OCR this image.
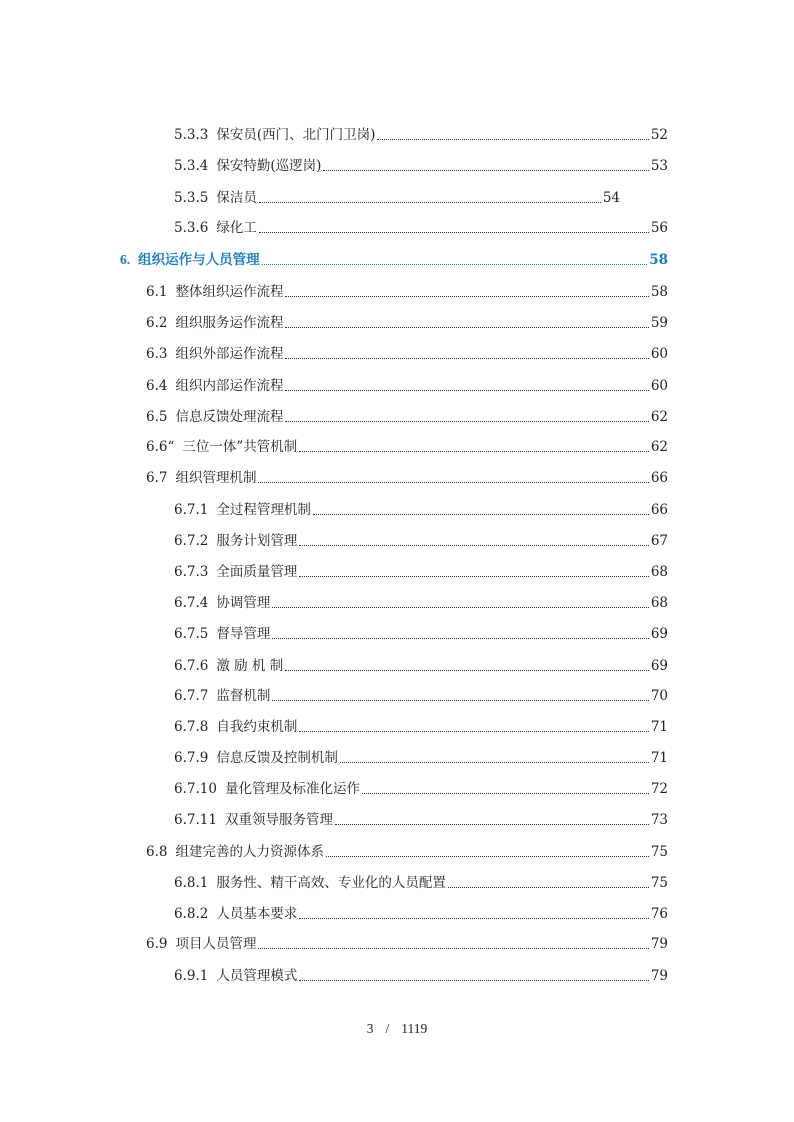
5.3.3 保安员(西门、北门门卫岗)	52
5.3.4 保安特勤(巡逻岗)	53
5.3.5 保洁员	54
5.3.6 绿化工	56
6. 组织运作与人员管理	58
6.1 整体组织运作流程	58
6.2 组织服务运作流程	59
6.3 组织外部运作流程	60
6.4 组织内部运作流程	60
6.5 信息反馈处理流程	62
6.6“ 三位一体”共管机制	62
6.7 组织管理机制	66
6.7.1 全过程管理机制	66
6.7.2 服务计划管理	67
6.7.3 全面质量管理	68
6.7.4 协调管理	68
6.7.5 督导管理	69
6.7.6 激 励 机 制	69
6.7.7 监督机制	70
6.7.8 自我约束机制	71
6.7.9 信息反馈及控制机制	71
6.7.10 量化管理及标准化运作	72
6.7.11 双重领导服务管理	73
6.8 组建完善的人力资源体系	75
6.8.1 服务性、精干高效、专业化的人员配置	75
6.8.2 人员基本要求	76
6.9 项目人员管理	79
6.9.1 人员管理模式	79
3 / 1119
